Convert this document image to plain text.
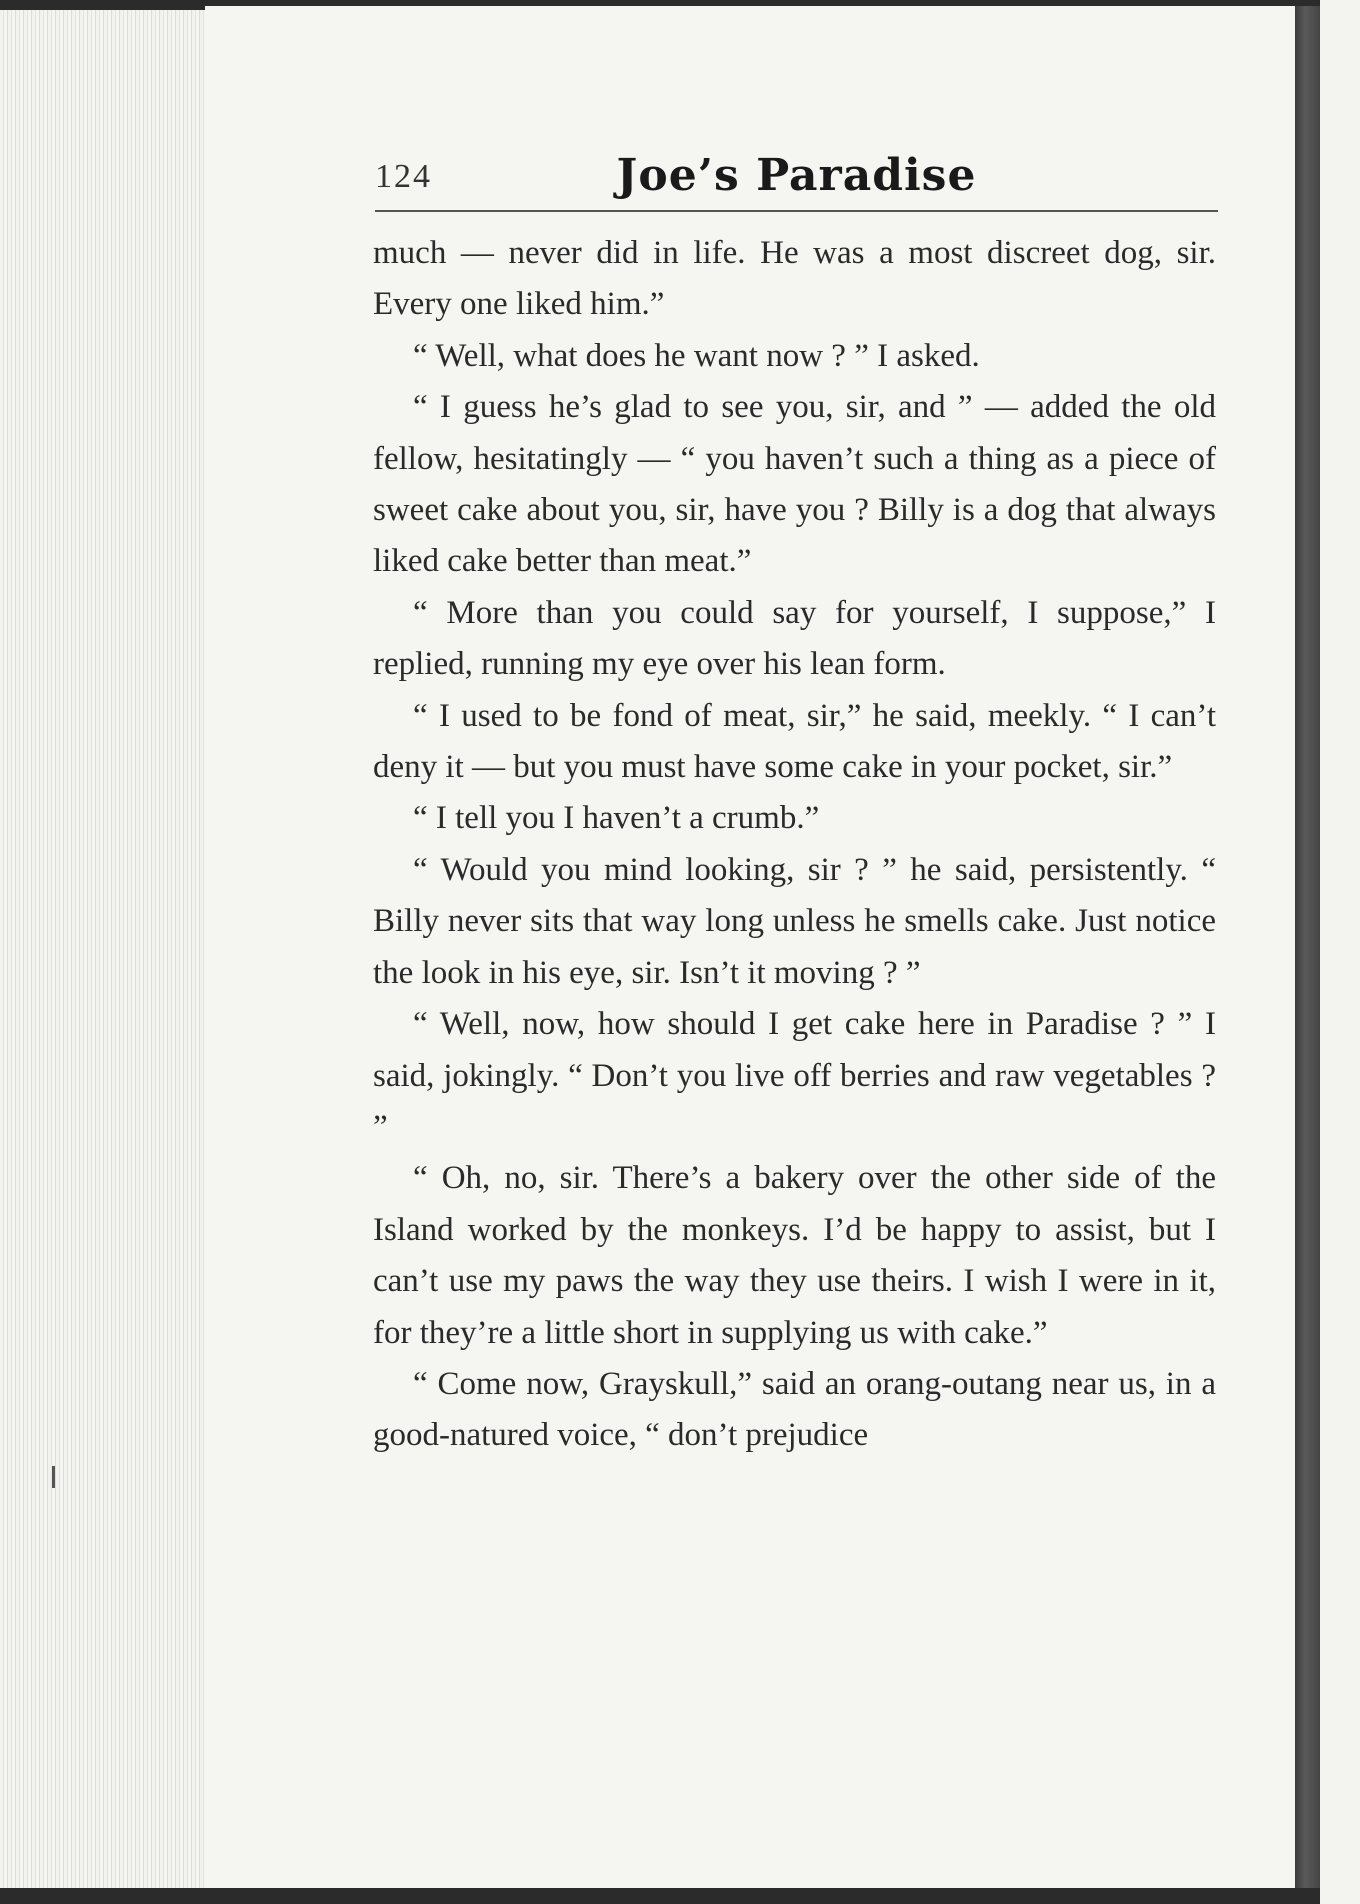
124	Joe’s Paradise

much — never did in life. He was a most discreet dog, sir. Every one liked him.”

“ Well, what does he want now ? ” I asked.

“ I guess he’s glad to see you, sir, and ” — added the old fellow, hesitatingly — “ you haven’t such a thing as a piece of sweet cake about you, sir, have you ? Billy is a dog that always liked cake better than meat.”

“ More than you could say for yourself, I suppose,” I replied, running my eye over his lean form.

“ I used to be fond of meat, sir,” he said, meekly. “ I can’t deny it — but you must have some cake in your pocket, sir.”

“ I tell you I haven’t a crumb.”

“ Would you mind looking, sir ? ” he said, persistently. “ Billy never sits that way long unless he smells cake. Just notice the look in his eye, sir. Isn’t it moving ? ”

“ Well, now, how should I get cake here in Paradise ? ” I said, jokingly. “ Don’t you live off berries and raw vegetables ? ”

“ Oh, no, sir. There’s a bakery over the other side of the Island worked by the monkeys. I’d be happy to assist, but I can’t use my paws the way they use theirs. I wish I were in it, for they’re a little short in supplying us with cake.”

“ Come now, Grayskull,” said an orang-outang near us, in a good-natured voice, “ don’t prejudice
